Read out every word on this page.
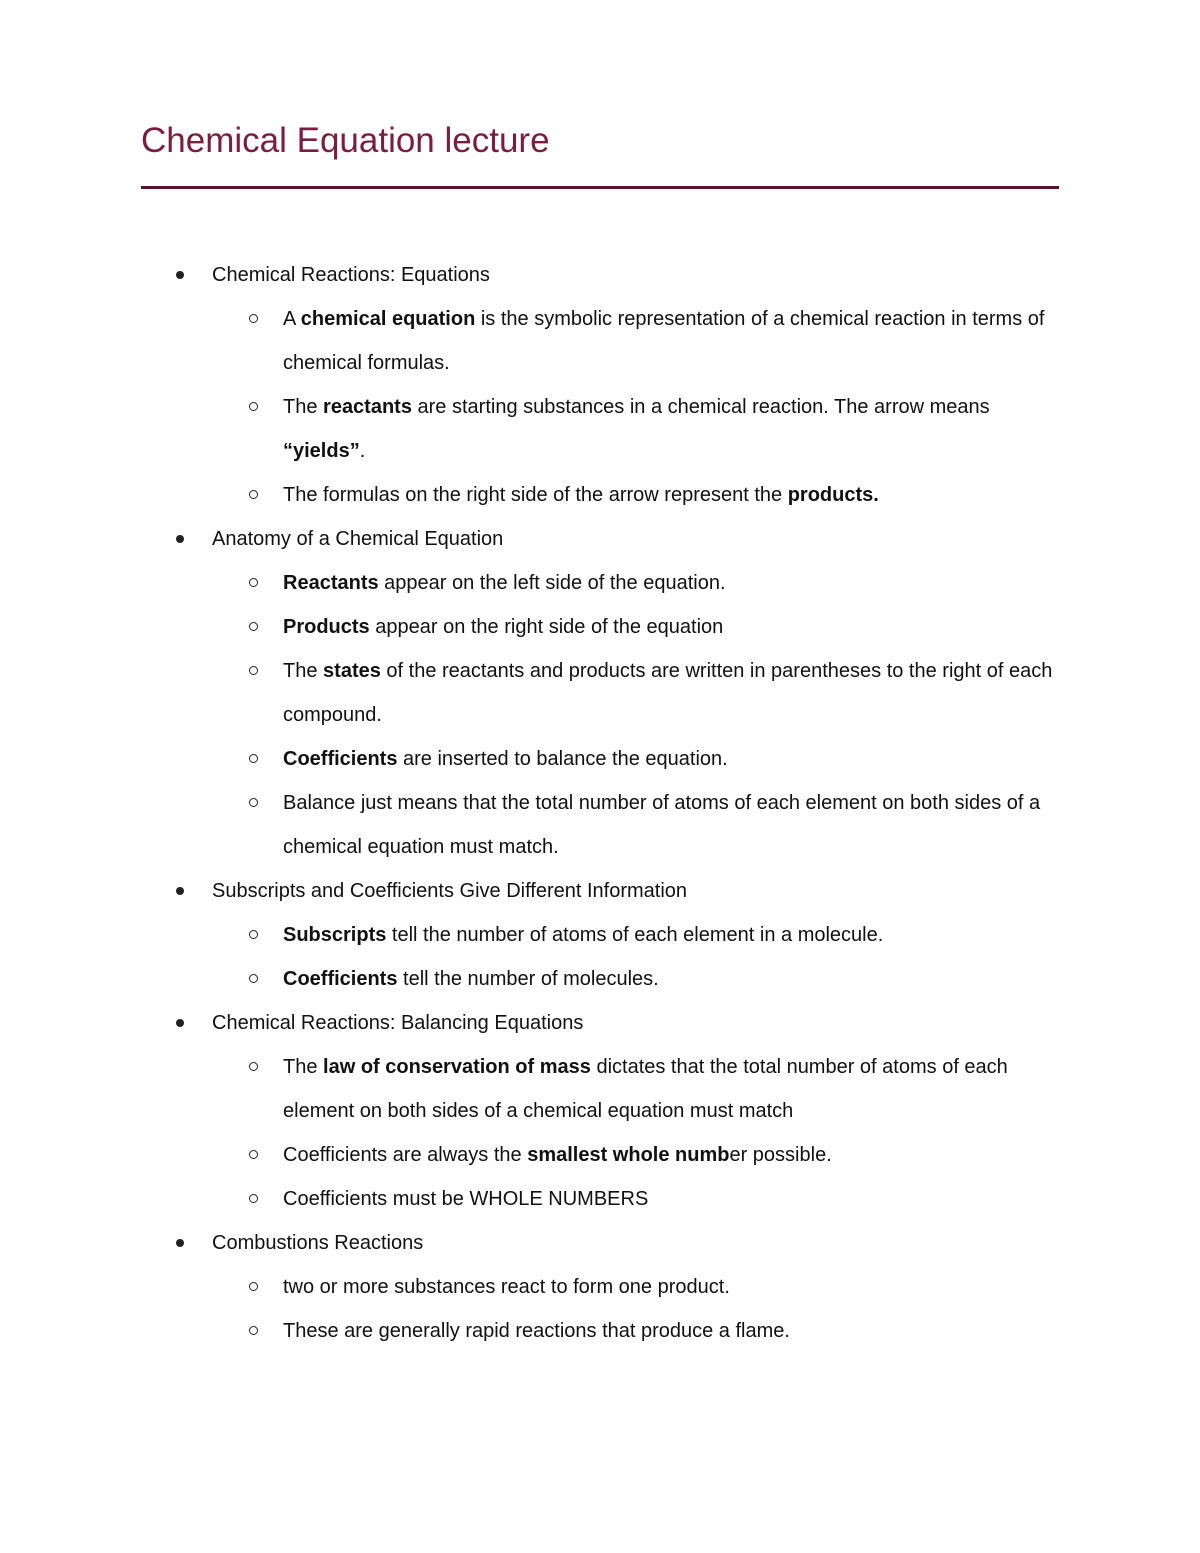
Chemical Equation lecture
Chemical Reactions: Equations
A chemical equation is the symbolic representation of a chemical reaction in terms of chemical formulas.
The reactants are starting substances in a chemical reaction. The arrow means “yields”.
The formulas on the right side of the arrow represent the products.
Anatomy of a Chemical Equation
Reactants appear on the left side of the equation.
Products appear on the right side of the equation
The states of the reactants and products are written in parentheses to the right of each compound.
Coefficients are inserted to balance the equation.
Balance just means that the total number of atoms of each element on both sides of a chemical equation must match.
Subscripts and Coefficients Give Different Information
Subscripts tell the number of atoms of each element in a molecule.
Coefficients tell the number of molecules.
Chemical Reactions: Balancing Equations
The law of conservation of mass dictates that the total number of atoms of each element on both sides of a chemical equation must match
Coefficients are always the smallest whole number possible.
Coefficients must be WHOLE NUMBERS
Combustions Reactions
two or more substances react to form one product.
These are generally rapid reactions that produce a flame.
